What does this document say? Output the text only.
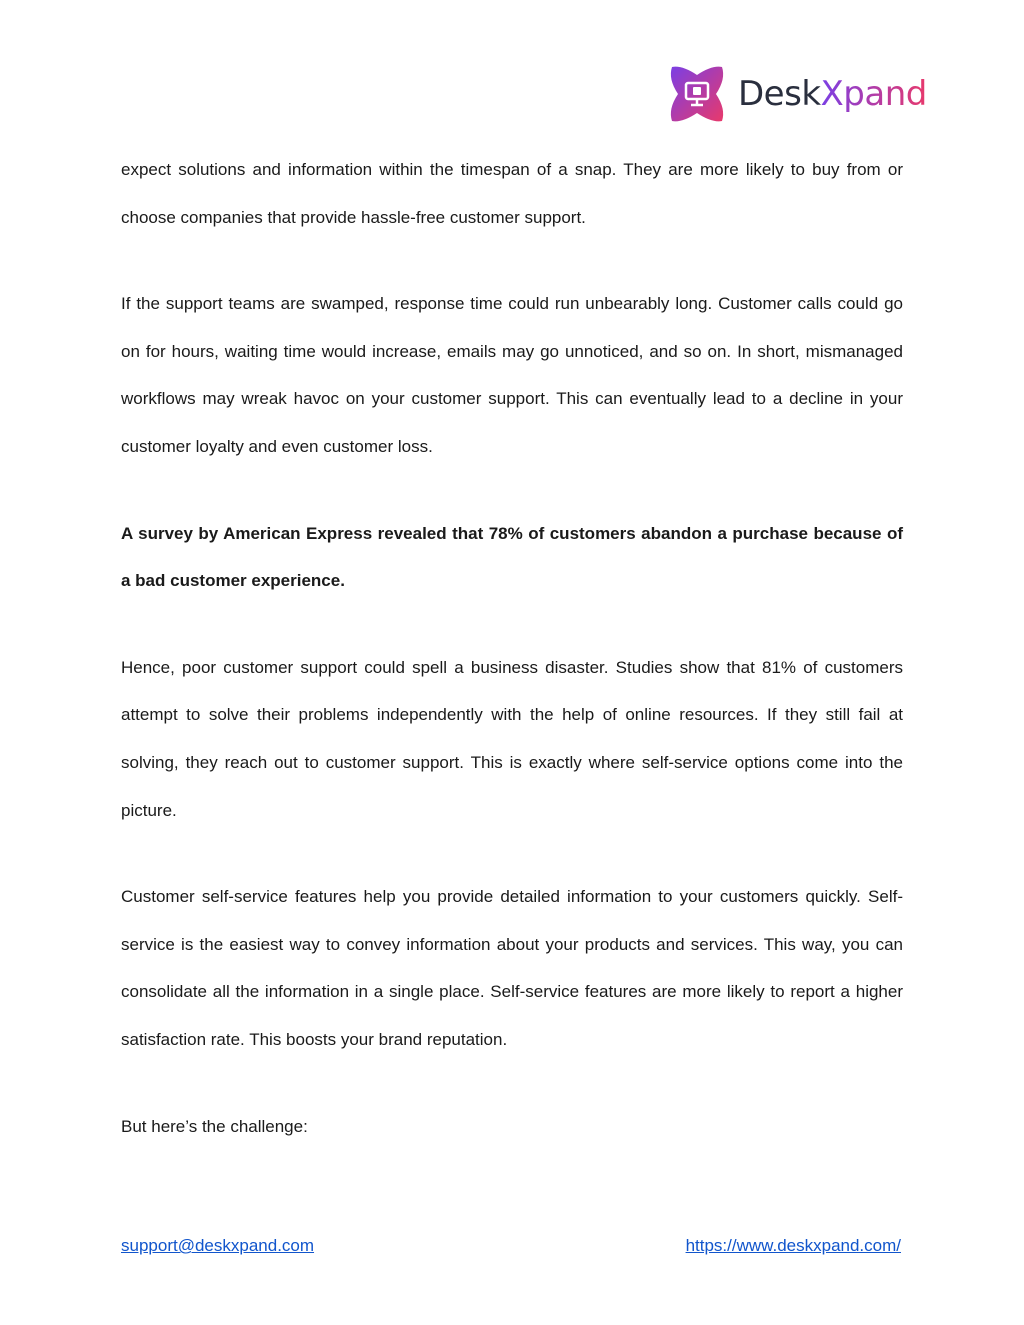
DeskXpand

expect solutions and information within the timespan of a snap. They are more likely to buy from or choose companies that provide hassle-free customer support.

If the support teams are swamped, response time could run unbearably long. Customer calls could go on for hours, waiting time would increase, emails may go unnoticed, and so on. In short, mismanaged workflows may wreak havoc on your customer support. This can eventually lead to a decline in your customer loyalty and even customer loss.

A survey by American Express revealed that 78% of customers abandon a purchase because of a bad customer experience.

Hence, poor customer support could spell a business disaster. Studies show that 81% of customers attempt to solve their problems independently with the help of online resources. If they still fail at solving, they reach out to customer support. This is exactly where self-service options come into the picture.

Customer self-service features help you provide detailed information to your customers quickly. Self-service is the easiest way to convey information about your products and services. This way, you can consolidate all the information in a single place. Self-service features are more likely to report a higher satisfaction rate. This boosts your brand reputation.

But here’s the challenge:

support@deskxpand.com	https://www.deskxpand.com/
